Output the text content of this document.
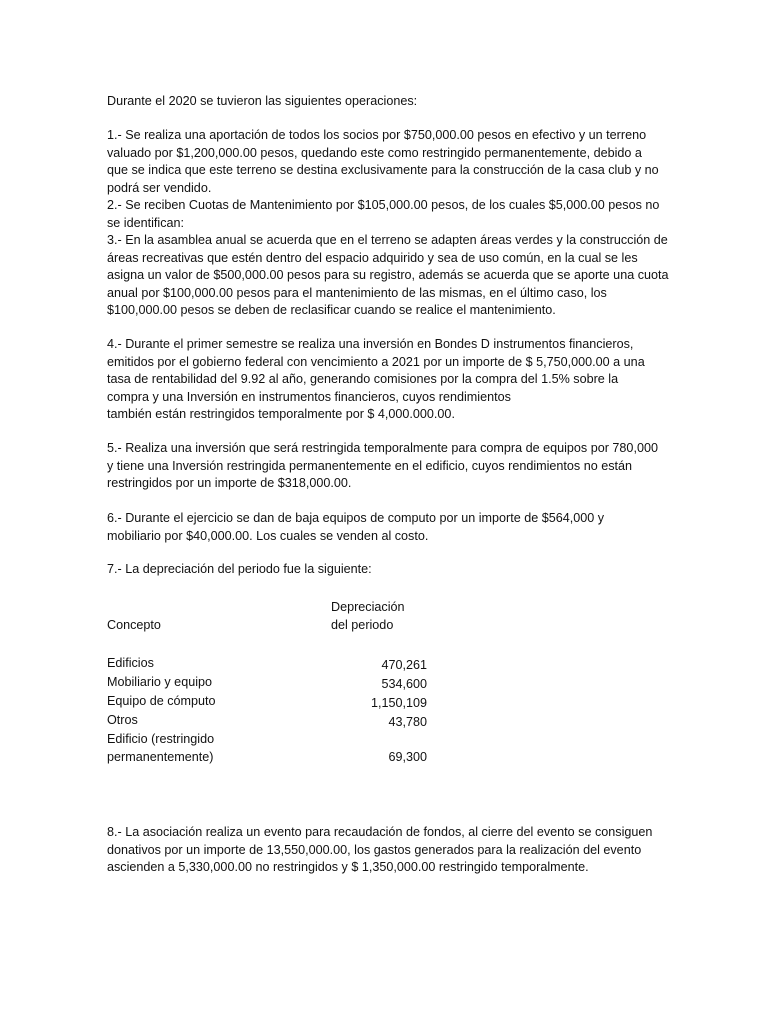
Durante el 2020 se tuvieron las siguientes operaciones:

1.- Se realiza una aportación de todos los socios por $750,000.00 pesos en efectivo y un terreno
valuado por $1,200,000.00 pesos, quedando este como restringido permanentemente, debido a
que se indica que este terreno se destina exclusivamente para la construcción de la casa club y no
podrá ser vendido.

2.- Se reciben Cuotas de Mantenimiento por $105,000.00 pesos, de los cuales $5,000.00 pesos no
se identifican:

3.- En la asamblea anual se acuerda que en el terreno se adapten áreas verdes y la construcción de
áreas recreativas que estén dentro del espacio adquirido y sea de uso común, en la cual se les
asigna un valor de $500,000.00 pesos para su registro, además se acuerda que se aporte una cuota
anual por $100,000.00 pesos para el mantenimiento de las mismas, en el último caso, los
$100,000.00 pesos se deben de reclasificar cuando se realice el mantenimiento.

4.- Durante el primer semestre se realiza una inversión en Bondes D instrumentos financieros,
emitidos por el gobierno federal con vencimiento a 2021 por un importe de $ 5,750,000.00 a una
tasa de rentabilidad del 9.92 al año, generando comisiones por la compra del 1.5% sobre la
compra y una Inversión en instrumentos financieros, cuyos rendimientos
también están restringidos temporalmente por $ 4,000.000.00.

5.- Realiza una inversión que será restringida temporalmente para compra de equipos por 780,000
y tiene una Inversión restringida permanentemente en el edificio, cuyos rendimientos no están
restringidos por un importe de $318,000.00.

6.- Durante el ejercicio se dan de baja equipos de computo por un importe de $564,000 y
mobiliario por $40,000.00. Los cuales se venden al costo.

7.- La depreciación del periodo fue la siguiente:

Concepto
Depreciación
del periodo
Edificios	470,261
Mobiliario y equipo	534,600
Equipo de cómputo	1,150,109
Otros	43,780
Edificio (restringido
permanentemente)	69,300

8.- La asociación realiza un evento para recaudación de fondos, al cierre del evento se consiguen
donativos por un importe de 13,550,000.00, los gastos generados para la realización del evento
ascienden a 5,330,000.00 no restringidos y $ 1,350,000.00 restringido temporalmente.
